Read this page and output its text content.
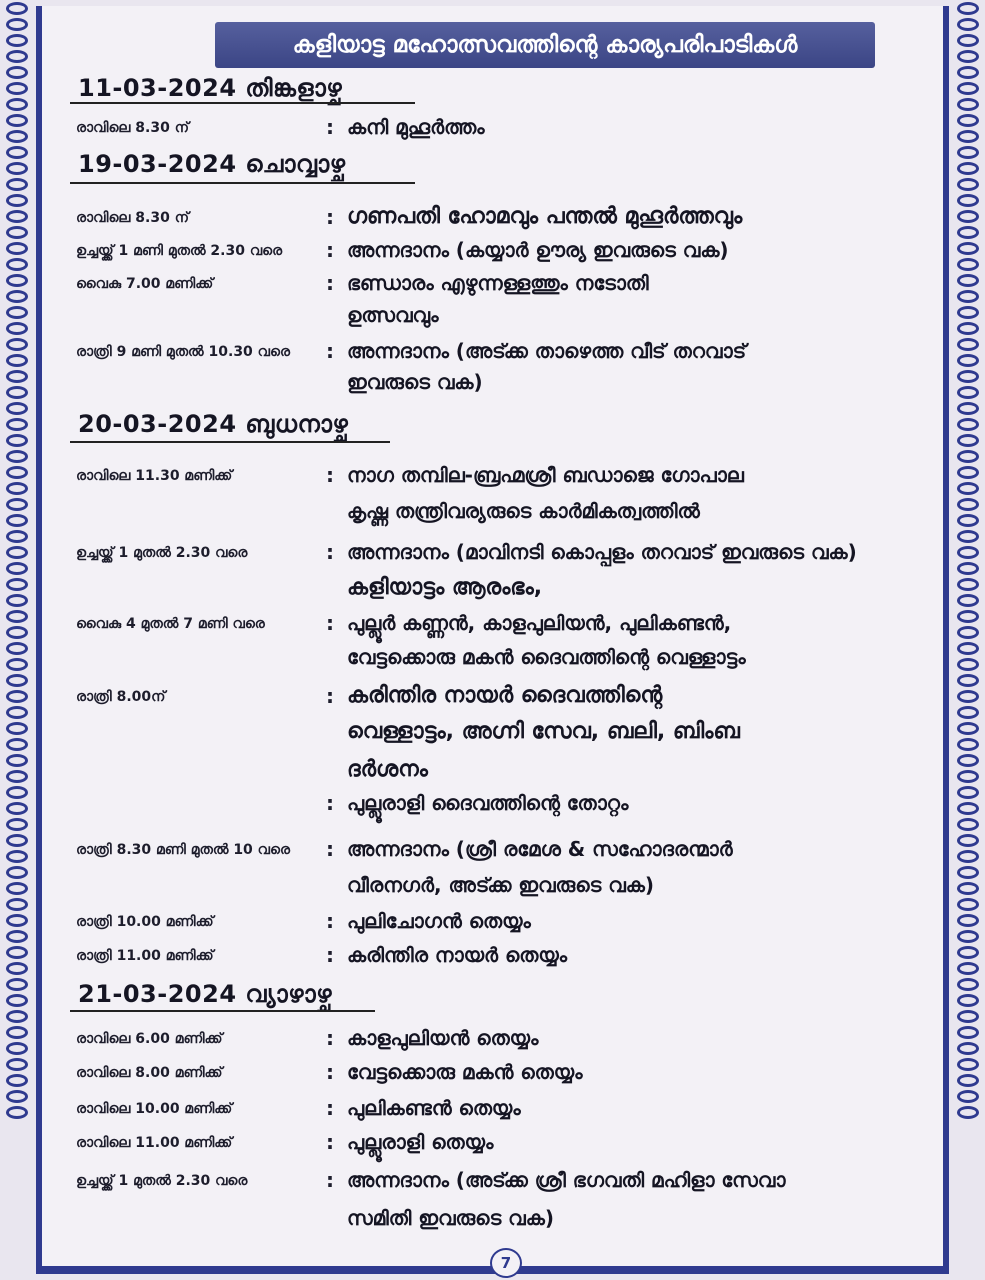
കളിയാട്ട മഹോത്സവത്തിന്റെ കാര്യപരിപാടികൾ
11-03-2024 തിങ്കളാഴ്ച
രാവിലെ 8.30 ന്	: കനി മുഹൂർത്തം
19-03-2024 ചൊവ്വാഴ്ച
രാവിലെ 8.30 ന്	: ഗണപതി ഹോമവും പന്തൽ മുഹൂർത്തവും
ഉച്ചയ്ക്ക് 1 മണി മുതൽ 2.30 വരെ : അന്നദാനം (കയ്യാർ ഊര്യ ഇവരുടെ വക)
വൈകു 7.00 മണിക്ക്	: ഭണ്ഡാരം എഴുന്നള്ളത്തും നടോതി
ഉത്സവവും
രാത്രി 9 മണി മുതൽ 10.30 വരെ : അന്നദാനം (അട്ക്ക താഴെത്ത വീട് തറവാട്
ഇവരുടെ വക)
20-03-2024 ബുധനാഴ്ച
രാവിലെ 11.30 മണിക്ക്	: നാഗ തമ്പില-ബ്രഹ്മശ്രീ ബഡാജെ ഗോപാല
കൃഷ്ണ തന്ത്രിവര്യരുടെ കാർമികത്വത്തിൽ
ഉച്ചയ്ക്ക് 1 മുതൽ 2.30 വരെ	: അന്നദാനം (മാവിനടി കൊപ്പളം തറവാട് ഇവരുടെ വക)
കളിയാട്ടം ആരംഭം,
വൈകു 4 മുതൽ 7 മണി വരെ	: പുല്ലൂർ കണ്ണൻ, കാളപുലിയൻ, പുലികണ്ടൻ,
വേട്ടക്കൊരു മകൻ ദൈവത്തിന്റെ വെള്ളാട്ടം
രാത്രി 8.00ന്	: കരിന്തിര നായർ ദൈവത്തിന്റെ
വെള്ളാട്ടം, അഗ്നി സേവ, ബലി, ബിംബ
ദർശനം
: പുല്ലൂരാളി ദൈവത്തിന്റെ തോറ്റം
രാത്രി 8.30 മണി മുതൽ 10 വരെ : അന്നദാനം (ശ്രീ രമേശ & സഹോദരന്മാർ
വീരനഗർ, അട്ക്ക ഇവരുടെ വക)
രാത്രി 10.00 മണിക്ക്	: പുലിചോഗൻ തെയ്യം
രാത്രി 11.00 മണിക്ക്	: കരിന്തിര നായർ തെയ്യം
21-03-2024 വ്യാഴാഴ്ച
രാവിലെ 6.00 മണിക്ക്	: കാളപുലിയൻ തെയ്യം
രാവിലെ 8.00 മണിക്ക്	: വേട്ടക്കൊരു മകൻ തെയ്യം
രാവിലെ 10.00 മണിക്ക്	: പുലികണ്ടൻ തെയ്യം
രാവിലെ 11.00 മണിക്ക്	: പുല്ലൂരാളി തെയ്യം
ഉച്ചയ്ക്ക് 1 മുതൽ 2.30 വരെ	: അന്നദാനം (അട്ക്ക ശ്രീ ഭഗവതി മഹിളാ സേവാ
സമിതി ഇവരുടെ വക)
7
